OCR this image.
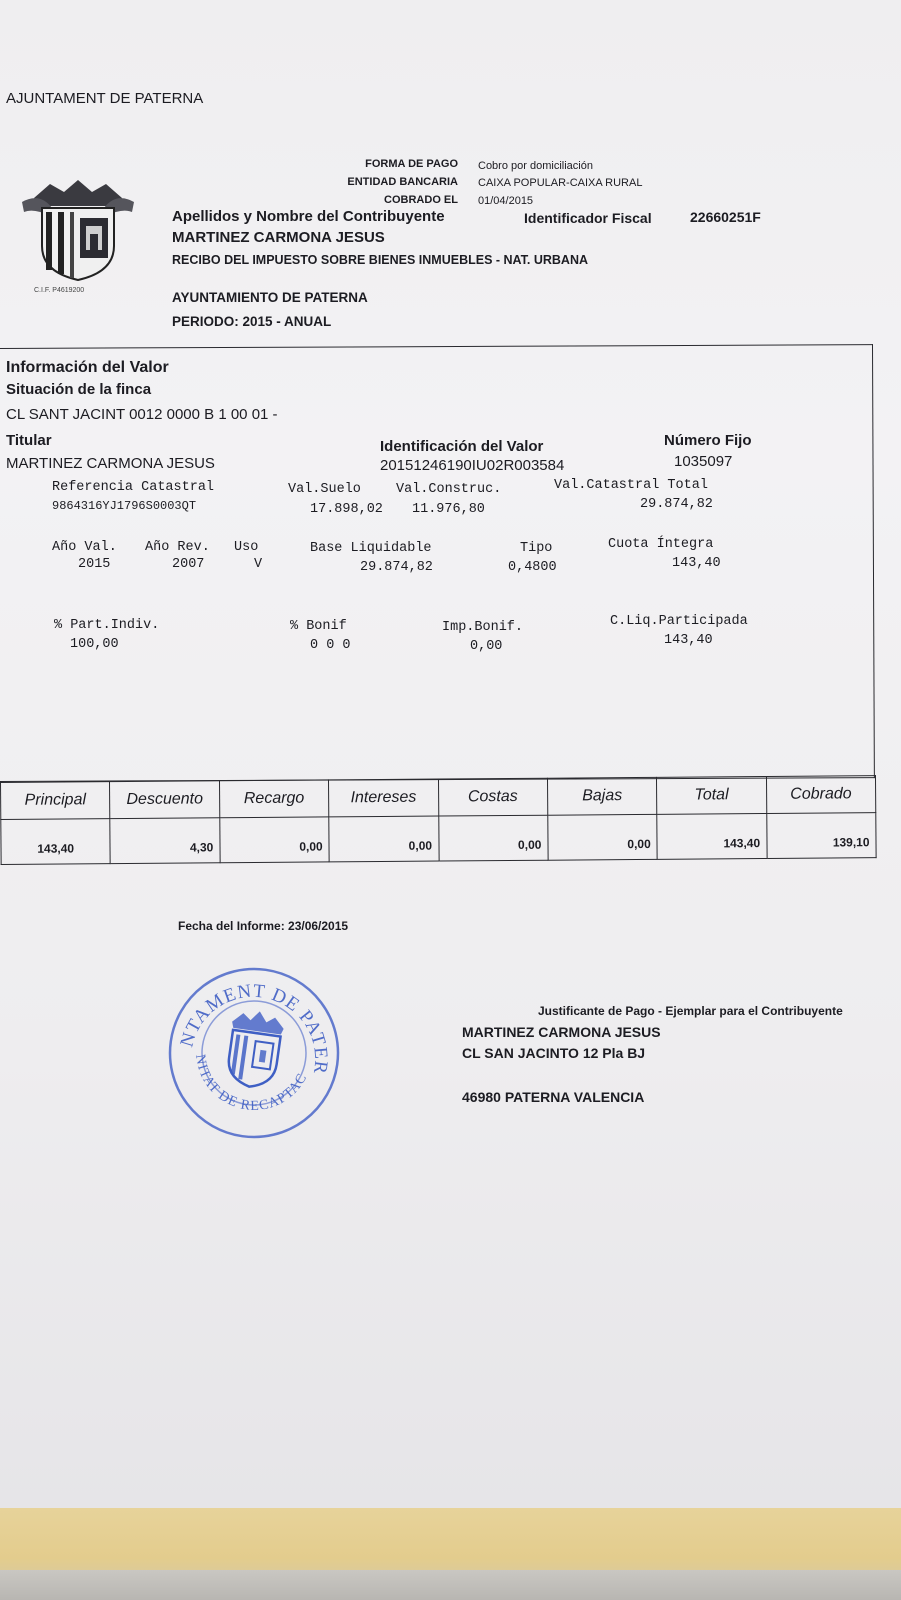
AJUNTAMENT DE PATERNA
C.I.F. P4619200
FORMA DE PAGO Cobro por domiciliación
ENTIDAD BANCARIA CAIXA POPULAR-CAIXA RURAL
COBRADO EL 01/04/2015
Apellidos y Nombre del Contribuyente	Identificador Fiscal	22660251F
MARTINEZ CARMONA JESUS
RECIBO DEL IMPUESTO SOBRE BIENES INMUEBLES - NAT. URBANA
AYUNTAMIENTO DE PATERNA
PERIODO: 2015 - ANUAL
Información del Valor
Situación de la finca
CL SANT JACINT 0012 0000 B 1 00 01 -
Titular
MARTINEZ CARMONA JESUS
Identificación del Valor
20151246190IU02R003584
Número Fijo
1035097
Referencia Catastral
9864316YJ1796S0003QT
Val.Suelo
17.898,02
Val.Construc.
11.976,80
Val.Catastral Total
29.874,82
Año Val.
2015
Año Rev.
2007
Uso
V
Base Liquidable
29.874,82
Tipo
0,4800
Cuota Íntegra
143,40
% Part.Indiv.
100,00
% Bonif
0 0 0
Imp.Bonif.
0,00
C.Liq.Participada
143,40
Principal	Descuento	Recargo	Intereses	Costas	Bajas	Total	Cobrado
143,40	4,30	0,00	0,00	0,00	0,00	143,40	139,10
Fecha del Informe: 23/06/2015
AJUNTAMENT DE PATERNA
UNITAT DE RECAPTACIÓ
Justificante de Pago - Ejemplar para el Contribuyente
MARTINEZ CARMONA JESUS
CL SAN JACINTO 12 Pla BJ
46980 PATERNA VALENCIA
